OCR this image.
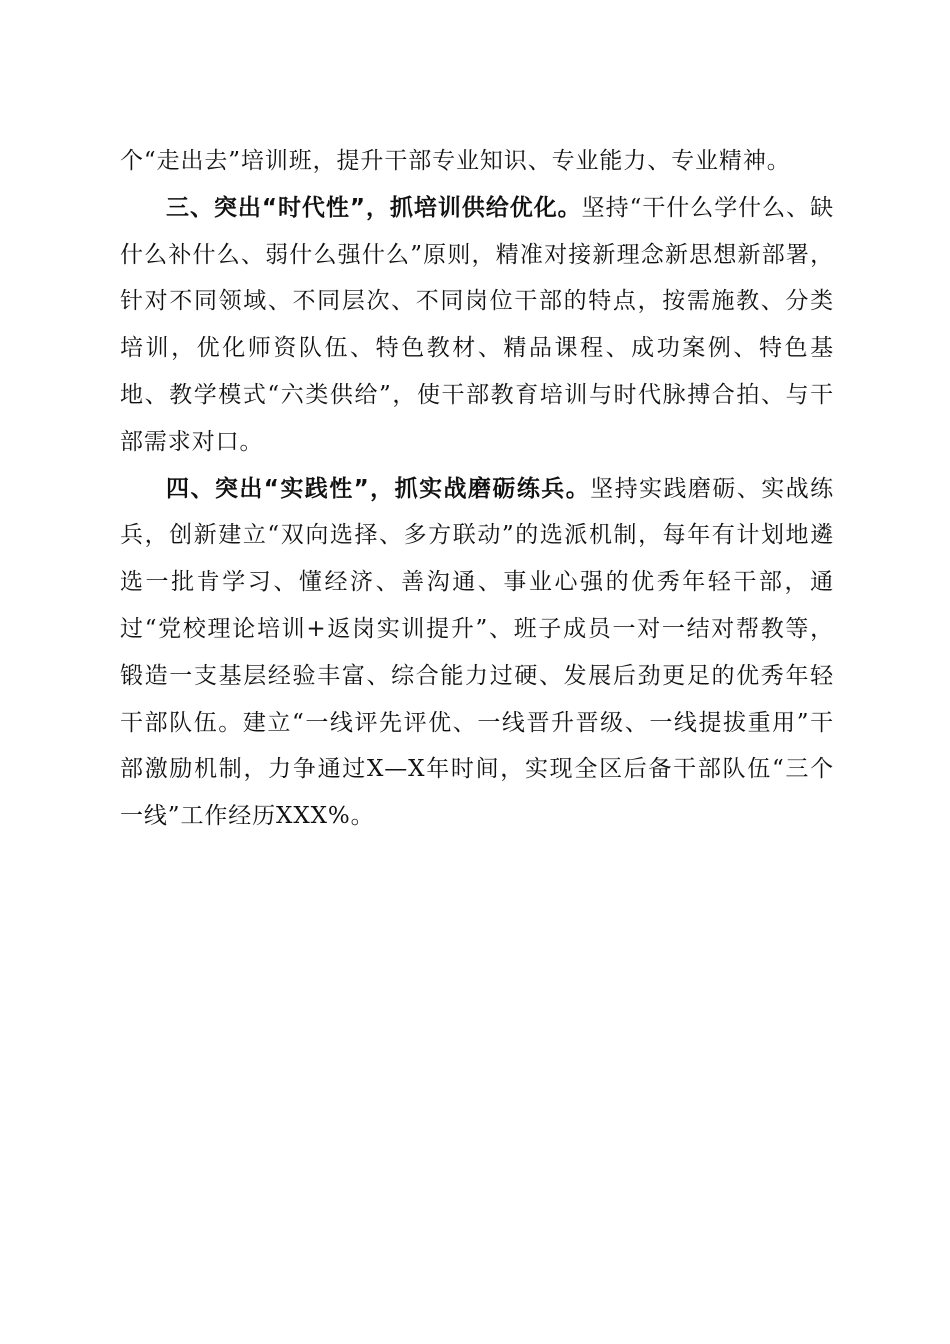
个“走出去”培训班，提升干部专业知识、专业能力、专业精神。

三、突出“时代性”，抓培训供给优化。坚持“干什么学什么、缺什么补什么、弱什么强什么”原则，精准对接新理念新思想新部署，针对不同领域、不同层次、不同岗位干部的特点，按需施教、分类培训，优化师资队伍、特色教材、精品课程、成功案例、特色基地、教学模式“六类供给”，使干部教育培训与时代脉搏合拍、与干部需求对口。

四、突出“实践性”，抓实战磨砺练兵。坚持实践磨砺、实战练兵，创新建立“双向选择、多方联动”的选派机制，每年有计划地遴选一批肯学习、懂经济、善沟通、事业心强的优秀年轻干部，通过“党校理论培训+返岗实训提升”、班子成员一对一结对帮教等，锻造一支基层经验丰富、综合能力过硬、发展后劲更足的优秀年轻干部队伍。建立“一线评先评优、一线晋升晋级、一线提拔重用”干部激励机制，力争通过X—X年时间，实现全区后备干部队伍“三个一线”工作经历XXX%。
